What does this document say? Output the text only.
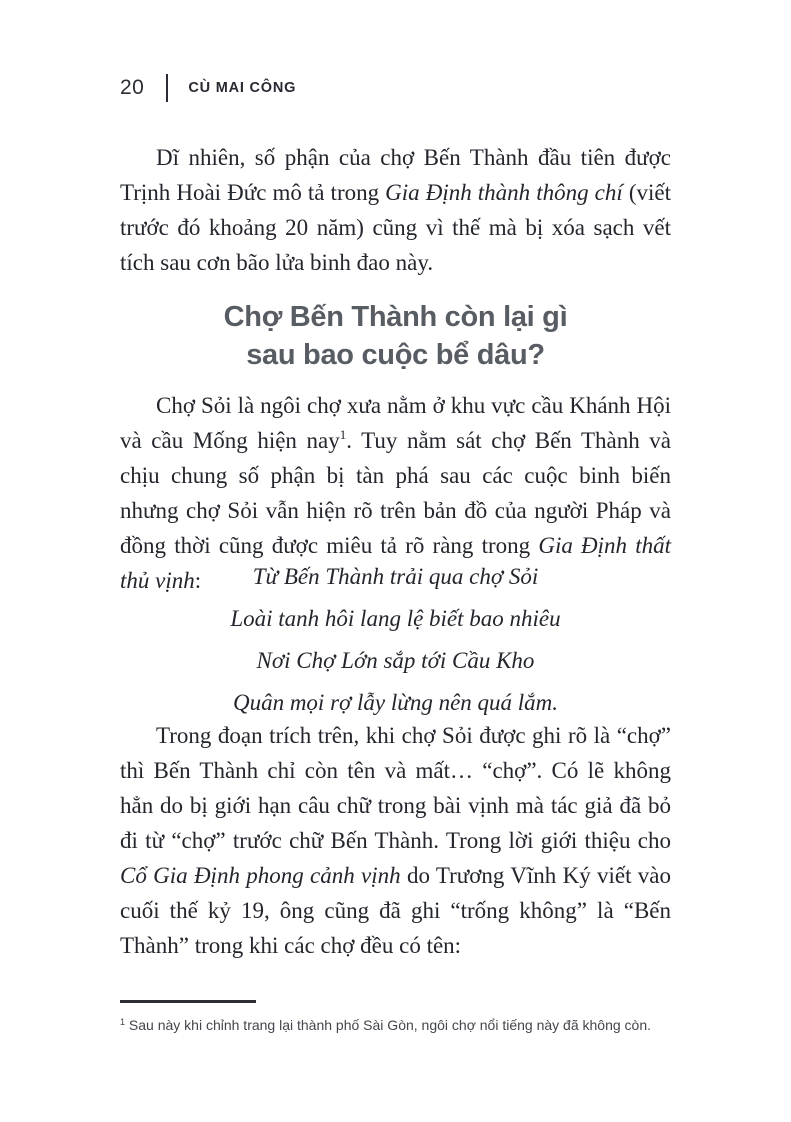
20	CÙ MAI CÔNG

Dĩ nhiên, số phận của chợ Bến Thành đầu tiên được Trịnh Hoài Đức mô tả trong Gia Định thành thông chí (viết trước đó khoảng 20 năm) cũng vì thế mà bị xóa sạch vết tích sau cơn bão lửa binh đao này.

Chợ Bến Thành còn lại gì
sau bao cuộc bể dâu?

Chợ Sỏi là ngôi chợ xưa nằm ở khu vực cầu Khánh Hội và cầu Mống hiện nay$^1$. Tuy nằm sát chợ Bến Thành và chịu chung số phận bị tàn phá sau các cuộc binh biến nhưng chợ Sỏi vẫn hiện rõ trên bản đồ của người Pháp và đồng thời cũng được miêu tả rõ ràng trong Gia Định thất thủ vịnh:	Từ Bến Thành trải qua chợ Sỏi

Loài tanh hôi lang lệ biết bao nhiêu

Nơi Chợ Lớn sắp tới Cầu Kho

Quân mọi rợ lẫy lừng nên quá lắm.

Trong đoạn trích trên, khi chợ Sỏi được ghi rõ là “chợ” thì Bến Thành chỉ còn tên và mất… “chợ”. Có lẽ không hẳn do bị giới hạn câu chữ trong bài vịnh mà tác giả đã bỏ đi từ “chợ” trước chữ Bến Thành. Trong lời giới thiệu cho Cổ Gia Định phong cảnh vịnh do Trương Vĩnh Ký viết vào cuối thế kỷ 19, ông cũng đã ghi “trống không” là “Bến Thành” trong khi các chợ đều có tên:

$^1$ Sau này khi chỉnh trang lại thành phố Sài Gòn, ngôi chợ nổi tiếng này đã không còn.
